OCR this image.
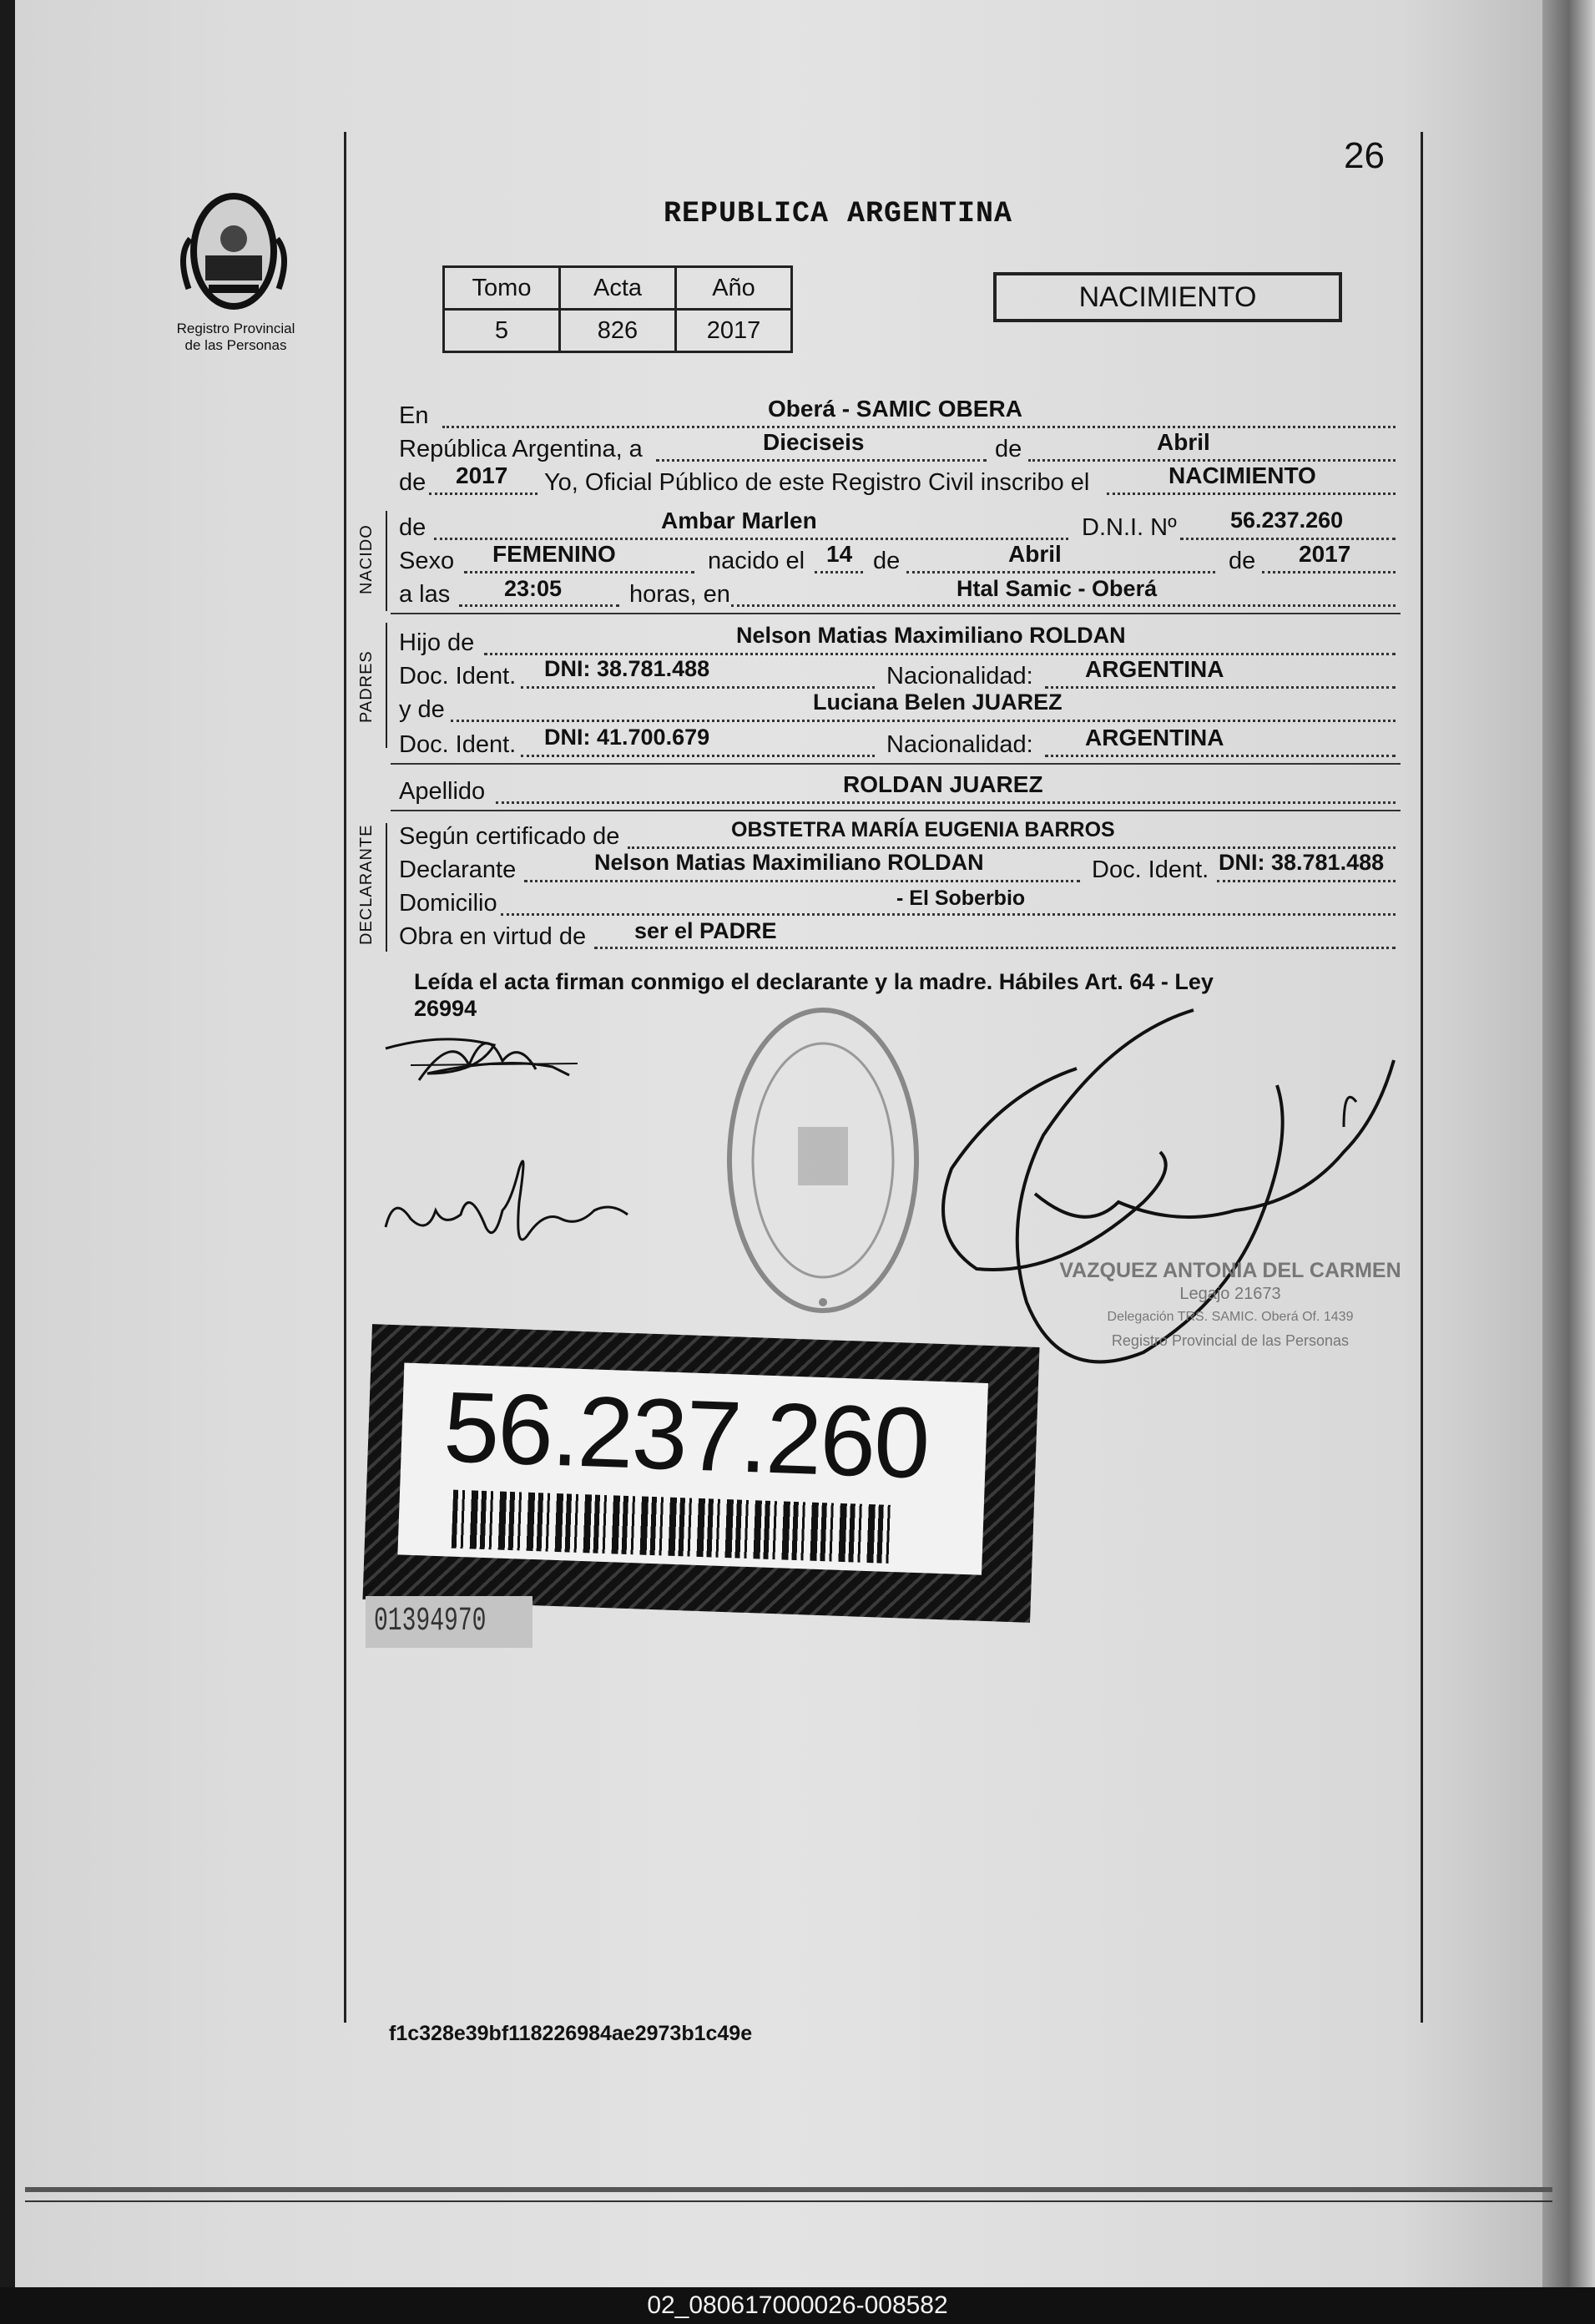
Registro Provincial
de las Personas
26
REPUBLICA ARGENTINA
Tomo	Acta	Año
5	826	2017
NACIMIENTO
En	Oberá - SAMIC OBERA
República Argentina, a	Dieciseis	de	Abril
de 2017 Yo, Oficial Público de este Registro Civil inscribo el	NACIMIENTO
NACIDO de	Ambar Marlen	D.N.I. Nº 56.237.260
Sexo FEMENINO	nacido el 14 de	Abril	de 2017
a las 23:05	horas, en	Htal Samic - Oberá
PADRES
Hijo de	Nelson Matias Maximiliano ROLDAN
Doc. Ident. DNI: 38.781.488	Nacionalidad: ARGENTINA
y de	Luciana Belen JUAREZ
Doc. Ident. DNI: 41.700.679	Nacionalidad: ARGENTINA
Apellido	ROLDAN JUAREZ
DECLARANTE Según certificado de	OBSTETRA MARÍA EUGENIA BARROS
Declarante	Nelson Matias Maximiliano ROLDAN	Doc. Ident. DNI: 38.781.488
Domicilio	- El Soberbio
Obra en virtud de ser el PADRE
Leída el acta firman conmigo el declarante y la madre. Hábiles Art. 64 - Ley
26994
VAZQUEZ ANTONIA DEL CARMEN
Legajo 21673
Delegación TRS. SAMIC. Oberá Of. 1439
Registro Provincial de las Personas
56.237.260
01394970
f1c328e39bf118226984ae2973b1c49e
02_080617000026-008582
